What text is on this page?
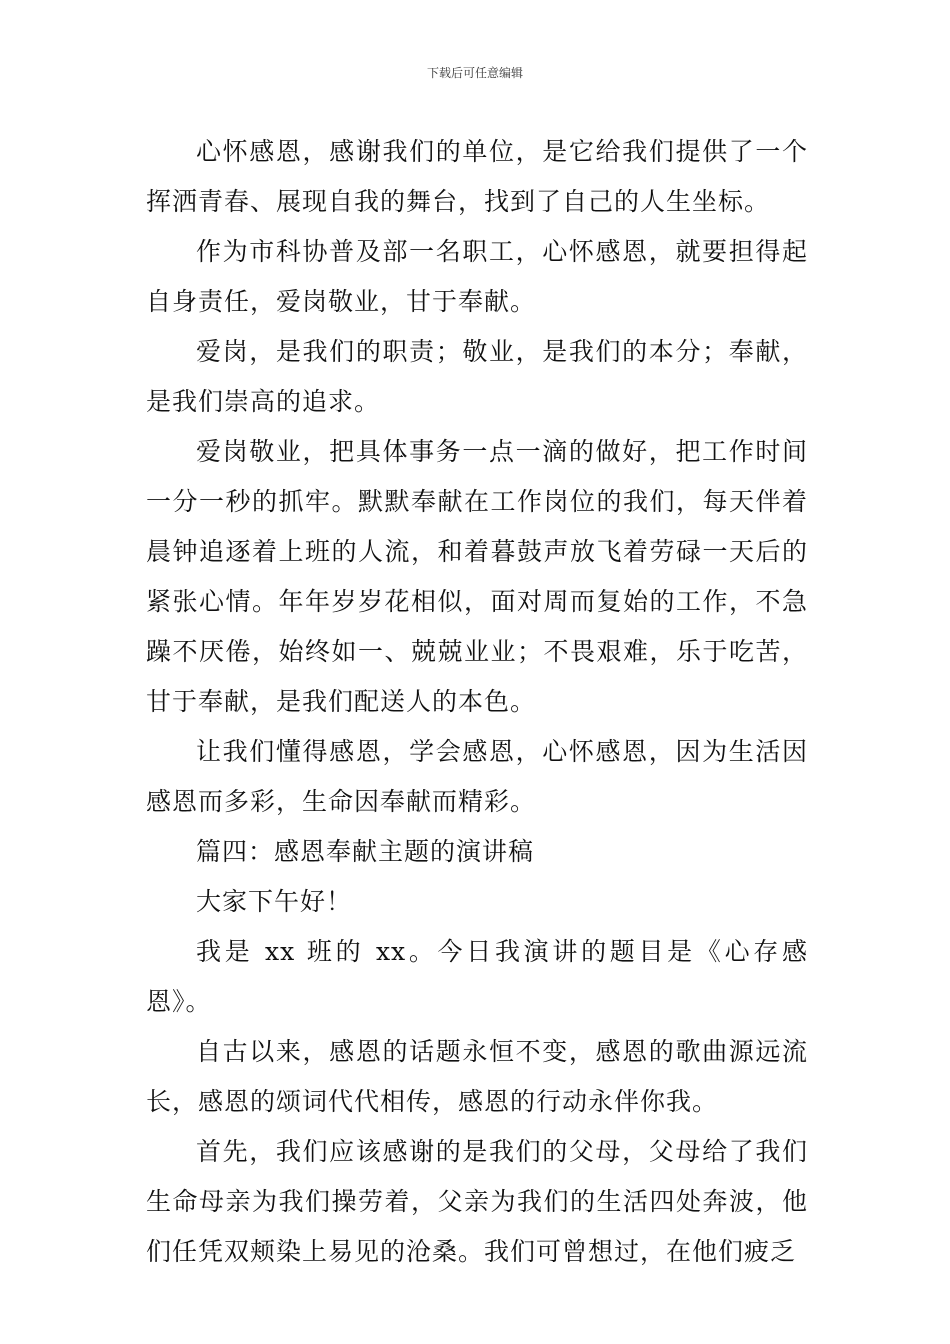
下载后可任意编辑

心怀感恩，感谢我们的单位，是它给我们提供了一个挥洒青春、展现自我的舞台，找到了自己的人生坐标。

作为市科协普及部一名职工，心怀感恩，就要担得起自身责任，爱岗敬业，甘于奉献。

爱岗，是我们的职责；敬业，是我们的本分；奉献，是我们崇高的追求。

爱岗敬业，把具体事务一点一滴的做好，把工作时间一分一秒的抓牢。默默奉献在工作岗位的我们，每天伴着晨钟追逐着上班的人流，和着暮鼓声放飞着劳碌一天后的紧张心情。年年岁岁花相似，面对周而复始的工作，不急躁不厌倦，始终如一、兢兢业业；不畏艰难，乐于吃苦，甘于奉献，是我们配送人的本色。

让我们懂得感恩，学会感恩，心怀感恩，因为生活因感恩而多彩，生命因奉献而精彩。

篇四：感恩奉献主题的演讲稿

大家下午好！

我是 xx 班的 xx。今日我演讲的题目是《心存感恩》。

自古以来，感恩的话题永恒不变，感恩的歌曲源远流长，感恩的颂词代代相传，感恩的行动永伴你我。

首先，我们应该感谢的是我们的父母，父母给了我们生命母亲为我们操劳着，父亲为我们的生活四处奔波，他们任凭双颊染上易见的沧桑。我们可曾想过，在他们疲乏
